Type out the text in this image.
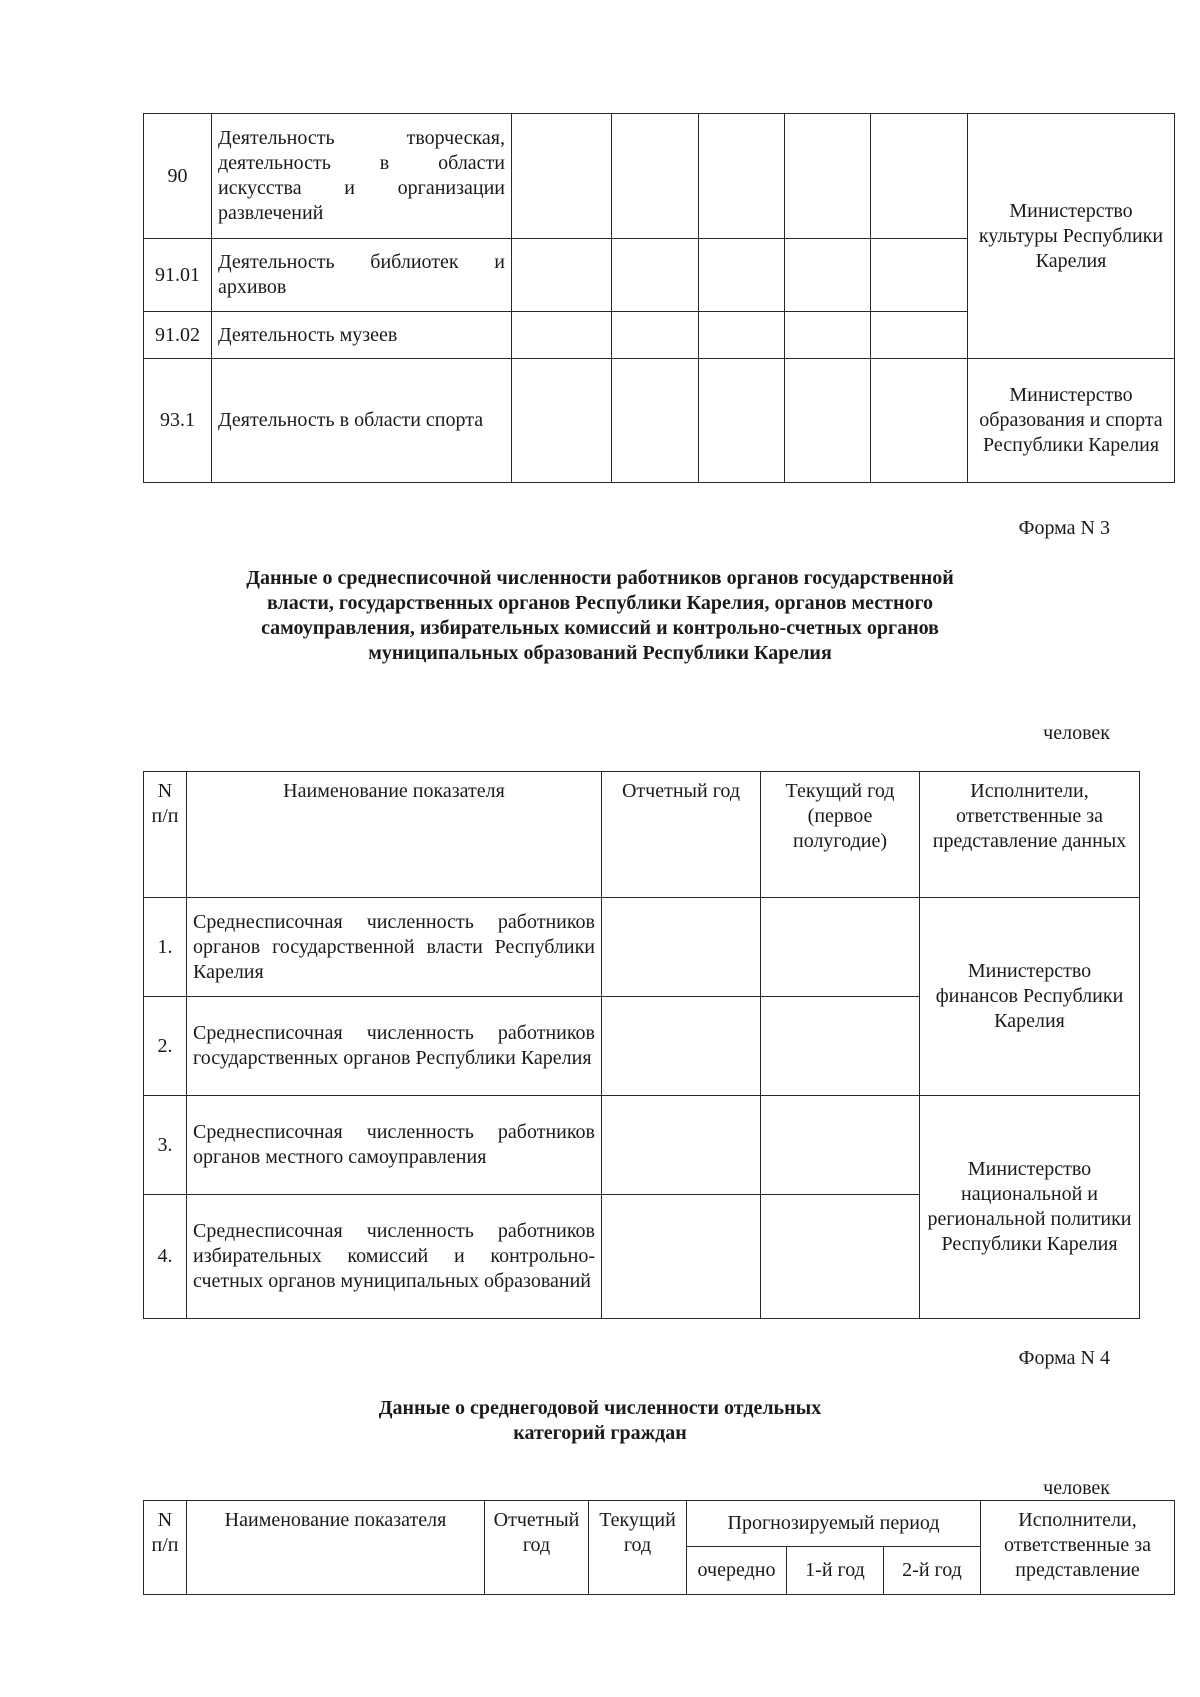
90	Деятельность творческая, деятельность в области искусства и организации развлечений						Министерство культуры Республики Карелия
91.01	Деятельность библиотек и архивов						
91.02	Деятельность музеев						
93.1	Деятельность в области спорта						Министерство образования и спорта Республики Карелия

Форма N 3

Данные о среднесписочной численности работников органов государственной власти, государственных органов Республики Карелия, органов местного самоуправления, избирательных комиссий и контрольно-счетных органов муниципальных образований Республики Карелия

человек

N п/п	Наименование показателя	Отчетный год	Текущий год (первое полугодие)	Исполнители, ответственные за представление данных
1.	Среднесписочная численность работников органов государственной власти Республики Карелия			Министерство финансов Республики Карелия
2.	Среднесписочная численность работников государственных органов Республики Карелия			
3.	Среднесписочная численность работников органов местного самоуправления			Министерство национальной и региональной политики Республики Карелия
4.	Среднесписочная численность работников избирательных комиссий и контрольно-счетных органов муниципальных образований			

Форма N 4

Данные о среднегодовой численности отдельных категорий граждан

человек

N п/п	Наименование показателя	Отчетный год	Текущий год	Прогнозируемый период			Исполнители, ответственные за представление
				очередно	1-й год	2-й год	
